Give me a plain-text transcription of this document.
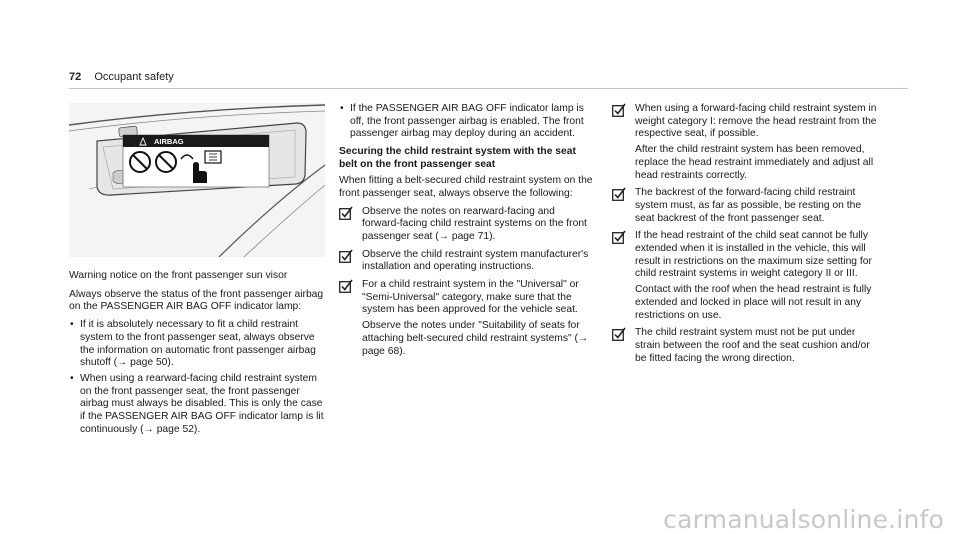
72 Occupant safety
AIRBAG

Warning notice on the front passenger sun visor

Always observe the status of the front passenger airbag on the PASSENGER AIR BAG OFF indicator lamp:

• If it is absolutely necessary to fit a child restraint system to the front passenger seat, always observe the information on automatic front passenger airbag shutoff (→ page 50).
• When using a rearward-facing child restraint system on the front passenger seat, the front passenger airbag must always be disabled. This is only the case if the PASSENGER AIR BAG OFF indicator lamp is lit continuously (→ page 52).
• If the PASSENGER AIR BAG OFF indicator lamp is off, the front passenger airbag is enabled. The front passenger airbag may deploy during an accident.
Securing the child restraint system with the seat belt on the front passenger seat

When fitting a belt-secured child restraint system on the front passenger seat, always observe the following:

Observe the notes on rearward-facing and forward-facing child restraint systems on the front passenger seat (→ page 71).
Observe the child restraint system manufacturer's installation and operating instructions.
For a child restraint system in the "Universal" or "Semi-Universal" category, make sure that the system has been approved for the vehicle seat.
Observe the notes under "Suitability of seats for attaching belt-secured child restraint systems" (→ page 68).
When using a forward-facing child restraint system in weight category I: remove the head restraint from the respective seat, if possible.
After the child restraint system has been removed, replace the head restraint immediately and adjust all head restraints correctly.
The backrest of the forward-facing child restraint system must, as far as possible, be resting on the seat backrest of the front passenger seat.
If the head restraint of the child seat cannot be fully extended when it is installed in the vehicle, this will result in restrictions on the maximum size setting for child restraint systems in weight category II or III.
Contact with the roof when the head restraint is fully extended and locked in place will not result in any restrictions on use.
The child restraint system must not be put under strain between the roof and the seat cushion and/or be fitted facing the wrong direction.
carmanualsonline.info
